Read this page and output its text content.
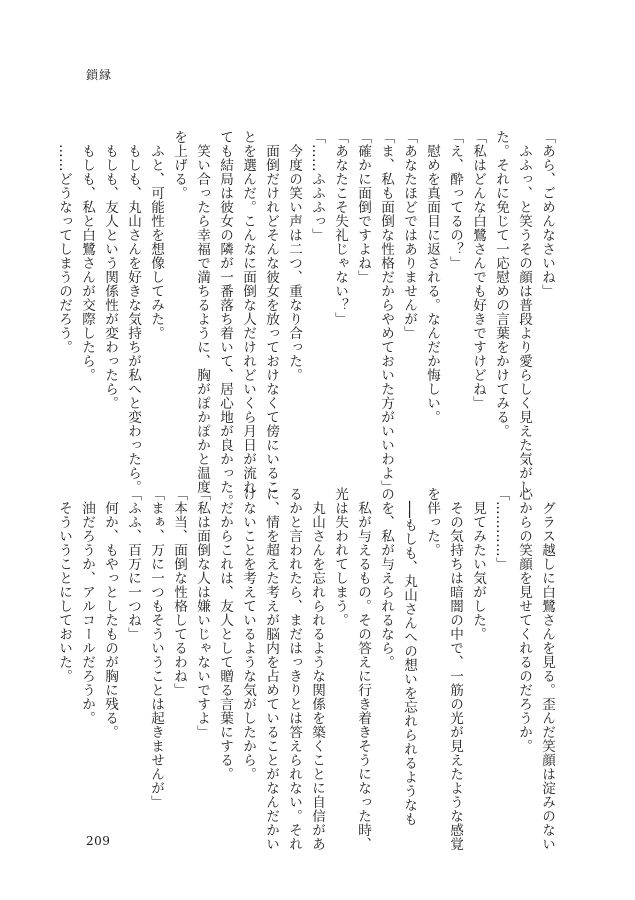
鎖縁
「あら、ごめんなさいね」
　ふふっ、と笑うその顔は普段より愛らしく見えた気がし
た。それに免じて一応慰めの言葉をかけてみる。
「私はどんな白鷺さんでも好きですけどね」
「え、酔ってるの？」
　慰めを真面目に返される。なんだか悔しい。
「あなたほどではありませんが」
「ま、私も面倒な性格だからやめておいた方がいいわよ」
「確かに面倒ですよね」
「あなたこそ失礼じゃない？」
「……ふふふっ」
　今度の笑い声は二つ、重なり合った。
　面倒だけれどそんな彼女を放っておけなくて傍にいるこ
とを選んだ。こんなに面倒な人だけれどいくら月日が流れ
ても結局は彼女の隣が一番落ち着いて、居心地が良かった。
　笑い合ったら幸福で満ちるように、胸がぽかぽかと温度
を上げる。
　ふと、可能性を想像してみた。
　もしも、丸山さんを好きな気持ちが私へと変わったら。
　もしも、友人という関係性が変わったら。
　もしも、私と白鷺さんが交際したら。
　……どうなってしまうのだろう。
　グラス越しに白鷺さんを見る。歪んだ笑顔は淀みのない
心からの笑顔を見せてくれるのだろうか。
「…………」
　見てみたい気がした。
　その気持ちは暗闇の中で、一筋の光が見えたような感覚
を伴った。
　──もしも、丸山さんへの想いを忘れられるようなも
のを、私が与えられるなら。
　私が与えるもの。その答えに行き着きそうになった時、
光は失われてしまう。
　丸山さんを忘れられるような関係を築くことに自信があ
るかと言われたら、まだはっきりとは答えられない。それ
に、情を超えた考えが脳内を占めていることがなんだかい
けないことを考えているような気がしたから。
　だからこれは、友人として贈る言葉にする。
「私は面倒な人は嫌いじゃないですよ」
「本当、面倒な性格してるわね」
「まぁ、万に一つもそういうことは起きませんが」
「ふふ、百万に一つね」
　何か、もやっとしたものが胸に残る。
　油だろうか、アルコールだろうか。
　そういうことにしておいた。
209
